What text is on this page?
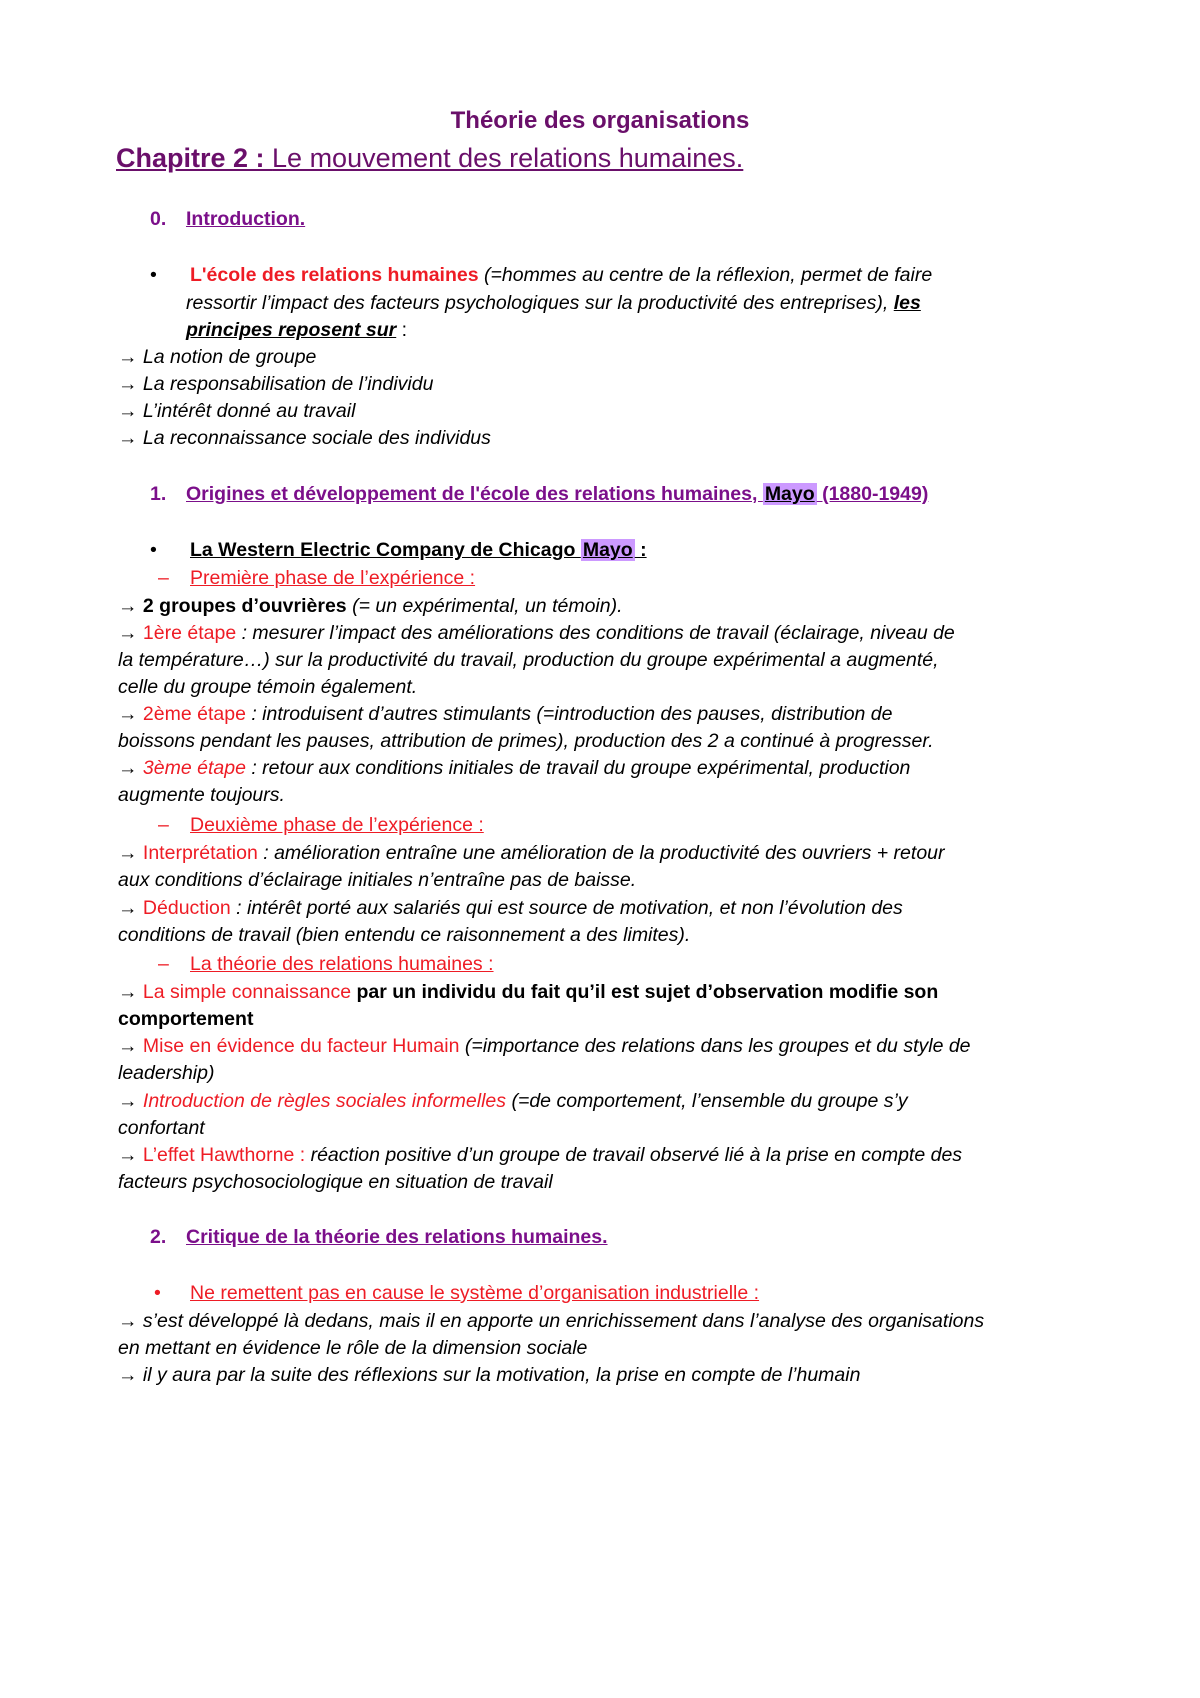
Théorie des organisations
Chapitre 2 : Le mouvement des relations humaines.
0. Introduction.
• L'école des relations humaines (=hommes au centre de la réflexion, permet de faire
ressortir l’impact des facteurs psychologiques sur la productivité des entreprises), les
principes reposent sur :
→ La notion de groupe
→ La responsabilisation de l’individu
→ L’intérêt donné au travail
→ La reconnaissance sociale des individus
1. Origines et développement de l'école des relations humaines, Mayo (1880-1949)
• La Western Electric Company de Chicago Mayo :
– Première phase de l’expérience :
→ 2 groupes d’ouvrières (= un expérimental, un témoin).
→ 1ère étape : mesurer l’impact des améliorations des conditions de travail (éclairage, niveau de
la température…) sur la productivité du travail, production du groupe expérimental a augmenté,
celle du groupe témoin également.
→ 2ème étape : introduisent d’autres stimulants (=introduction des pauses, distribution de
boissons pendant les pauses, attribution de primes), production des 2 a continué à progresser.
→ 3ème étape : retour aux conditions initiales de travail du groupe expérimental, production
augmente toujours.
– Deuxième phase de l’expérience :
→ Interprétation : amélioration entraîne une amélioration de la productivité des ouvriers + retour
aux conditions d’éclairage initiales n’entraîne pas de baisse.
→ Déduction : intérêt porté aux salariés qui est source de motivation, et non l’évolution des
conditions de travail (bien entendu ce raisonnement a des limites).
– La théorie des relations humaines :
→ La simple connaissance par un individu du fait qu’il est sujet d’observation modifie son
comportement
→ Mise en évidence du facteur Humain (=importance des relations dans les groupes et du style de
leadership)
→ Introduction de règles sociales informelles (=de comportement, l’ensemble du groupe s’y
confortant
→ L’effet Hawthorne : réaction positive d’un groupe de travail observé lié à la prise en compte des
facteurs psychosociologique en situation de travail
2. Critique de la théorie des relations humaines.
• Ne remettent pas en cause le système d’organisation industrielle :
→ s’est développé là dedans, mais il en apporte un enrichissement dans l’analyse des organisations
en mettant en évidence le rôle de la dimension sociale
→ il y aura par la suite des réflexions sur la motivation, la prise en compte de l’humain
